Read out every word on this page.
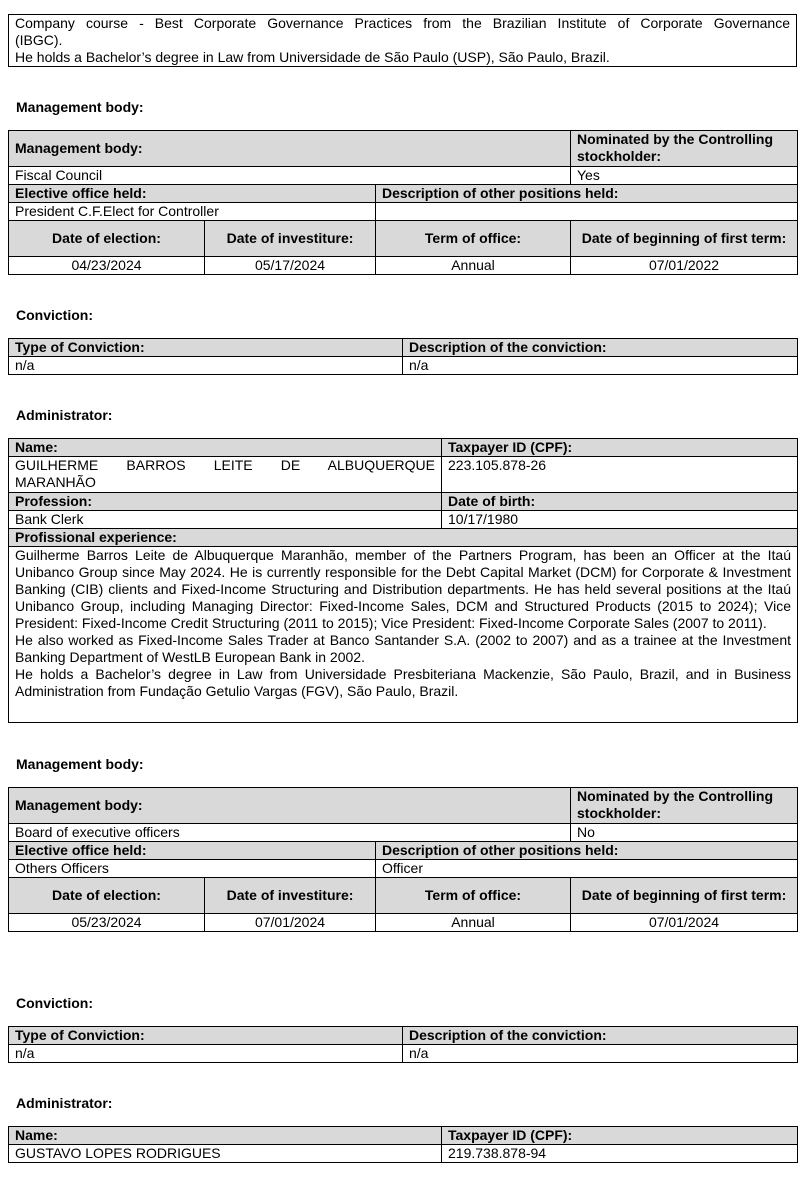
Company course - Best Corporate Governance Practices from the Brazilian Institute of Corporate Governance
(IBGC).
He holds a Bachelor’s degree in Law from Universidade de São Paulo (USP), São Paulo, Brazil.
Management body:
Management body:			Nominated by the Controlling stockholder:
Fiscal Council			Yes
Elective office held:		Description of other positions held:	
President C.F.Elect for Controller			
Date of election:	Date of investiture:	Term of office:	Date of beginning of first term:
04/23/2024	05/17/2024	Annual	07/01/2022
Conviction:
Type of Conviction:	Description of the conviction:
n/a	n/a
Administrator:
Name:	Taxpayer ID (CPF):

GUILHERME BARROS LEITE DE ALBUQUERQUE
MARANHÃO	223.105.878-26
Profession:	Date of birth:
Bank Clerk	10/17/1980
Profissional experience:	

Guilherme Barros Leite de Albuquerque Maranhão, member of the Partners Program, has been an Officer at the Itaú Unibanco Group since May 2024. He is currently responsible for the Debt Capital Market (DCM) for Corporate & Investment Banking (CIB) clients and Fixed-Income Structuring and Distribution departments. He has held several positions at the Itaú Unibanco Group, including Managing Director: Fixed-Income Sales, DCM and Structured Products (2015 to 2024); Vice President: Fixed-Income Credit Structuring (2011 to 2015); Vice President: Fixed-Income Corporate Sales (2007 to 2011).
He also worked as Fixed-Income Sales Trader at Banco Santander S.A. (2002 to 2007) and as a trainee at the Investment Banking Department of WestLB European Bank in 2002.
He holds a Bachelor’s degree in Law from Universidade Presbiteriana Mackenzie, São Paulo, Brazil, and in Business Administration from Fundação Getulio Vargas (FGV), São Paulo, Brazil.	
Management body:
Management body:			Nominated by the Controlling stockholder:
Board of executive officers			No
Elective office held:		Description of other positions held:	
Others Officers		Officer	
Date of election:	Date of investiture:	Term of office:	Date of beginning of first term:
05/23/2024	07/01/2024	Annual	07/01/2024
Conviction:
Type of Conviction:	Description of the conviction:
n/a	n/a
Administrator:
Name:	Taxpayer ID (CPF):
GUSTAVO LOPES RODRIGUES	219.738.878-94
